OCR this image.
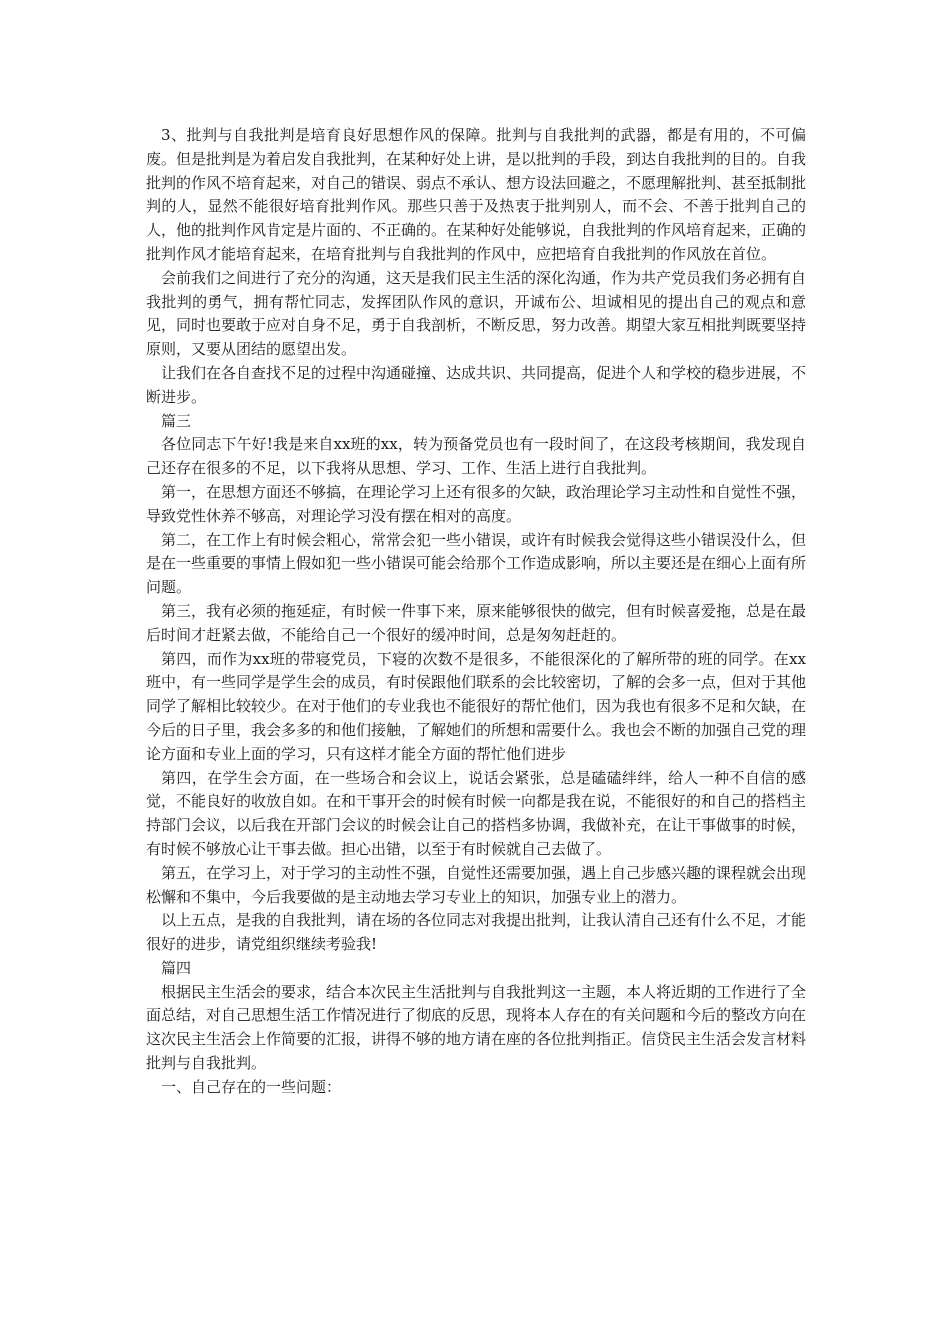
3、批判与自我批判是培育良好思想作风的保障。批判与自我批判的武器，都是有用的，不可偏废。但是批判是为着启发自我批判，在某种好处上讲，是以批判的手段，到达自我批判的目的。自我批判的作风不培育起来，对自己的错误、弱点不承认、想方设法回避之，不愿理解批判、甚至抵制批判的人，显然不能很好培育批判作风。那些只善于及热衷于批判别人，而不会、不善于批判自己的人，他的批判作风肯定是片面的、不正确的。在某种好处能够说，自我批判的作风培育起来，正确的批判作风才能培育起来，在培育批判与自我批判的作风中，应把培育自我批判的作风放在首位。

会前我们之间进行了充分的沟通，这天是我们民主生活的深化沟通，作为共产党员我们务必拥有自我批判的勇气，拥有帮忙同志，发挥团队作风的意识，开诚布公、坦诚相见的提出自己的观点和意见，同时也要敢于应对自身不足，勇于自我剖析，不断反思，努力改善。期望大家互相批判既要坚持原则，又要从团结的愿望出发。

让我们在各自查找不足的过程中沟通碰撞、达成共识、共同提高，促进个人和学校的稳步进展，不断进步。

篇三

各位同志下午好!我是来自xx班的xx，转为预备党员也有一段时间了，在这段考核期间，我发现自己还存在很多的不足，以下我将从思想、学习、工作、生活上进行自我批判。

第一，在思想方面还不够搞，在理论学习上还有很多的欠缺，政治理论学习主动性和自觉性不强，导致党性休养不够高，对理论学习没有摆在相对的高度。

第二，在工作上有时候会粗心，常常会犯一些小错误，或许有时候我会觉得这些小错误没什么，但是在一些重要的事情上假如犯一些小错误可能会给那个工作造成影响，所以主要还是在细心上面有所问题。

第三，我有必须的拖延症，有时候一件事下来，原来能够很快的做完，但有时候喜爱拖，总是在最后时间才赶紧去做，不能给自己一个很好的缓冲时间，总是匆匆赶赶的。

第四，而作为xx班的带寝党员，下寝的次数不是很多，不能很深化的了解所带的班的同学。在xx班中，有一些同学是学生会的成员，有时侯跟他们联系的会比较密切，了解的会多一点，但对于其他同学了解相比较较少。在对于他们的专业我也不能很好的帮忙他们，因为我也有很多不足和欠缺，在今后的日子里，我会多多的和他们接触，了解她们的所想和需要什么。我也会不断的加强自己党的理论方面和专业上面的学习，只有这样才能全方面的帮忙他们进步

第四，在学生会方面，在一些场合和会议上，说话会紧张，总是磕磕绊绊，给人一种不自信的感觉，不能良好的收放自如。在和干事开会的时候有时候一向都是我在说，不能很好的和自己的搭档主持部门会议，以后我在开部门会议的时候会让自己的搭档多协调，我做补充，在让干事做事的时候，有时候不够放心让干事去做。担心出错，以至于有时候就自己去做了。

第五，在学习上，对于学习的主动性不强，自觉性还需要加强，遇上自己步感兴趣的课程就会出现松懈和不集中，今后我要做的是主动地去学习专业上的知识，加强专业上的潜力。

以上五点，是我的自我批判，请在场的各位同志对我提出批判，让我认清自己还有什么不足，才能很好的进步，请党组织继续考验我!

篇四

根据民主生活会的要求，结合本次民主生活批判与自我批判这一主题，本人将近期的工作进行了全面总结，对自己思想生活工作情况进行了彻底的反思，现将本人存在的有关问题和今后的整改方向在这次民主生活会上作简要的汇报，讲得不够的地方请在座的各位批判指正。信贷民主生活会发言材料批判与自我批判。

一、自己存在的一些问题：
